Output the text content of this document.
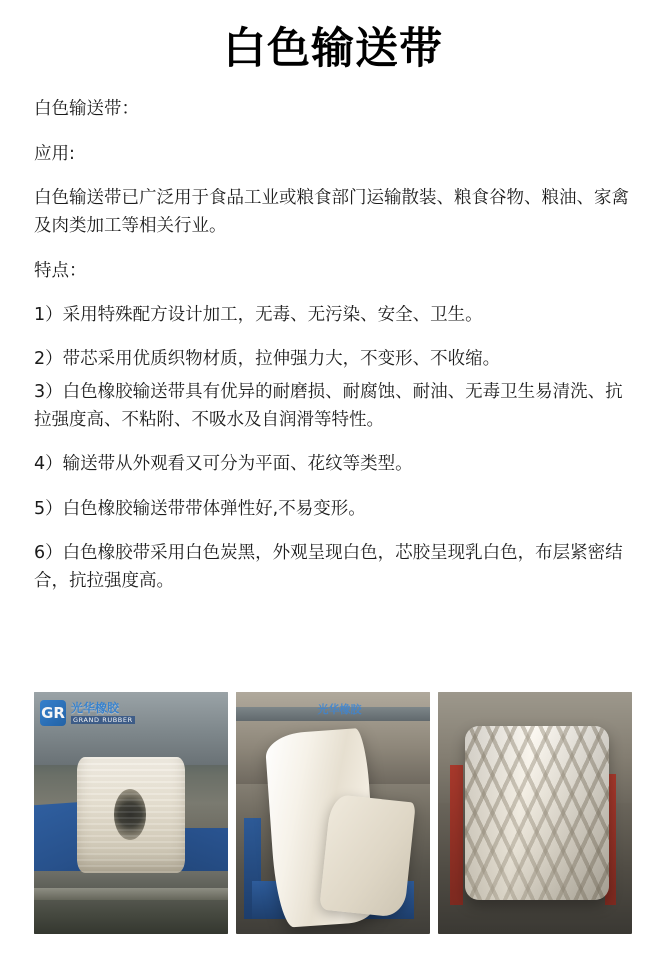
白色输送带

白色输送带：

应用:

白色输送带已广泛用于食品工业或粮食部门运输散装、粮食谷物、粮油、家禽及肉类加工等相关行业。

特点：

1）采用特殊配方设计加工，无毒、无污染、安全、卫生。

2）带芯采用优质织物材质，拉伸强力大，不变形、不收缩。

3）白色橡胶输送带具有优异的耐磨损、耐腐蚀、耐油、无毒卫生易清洗、抗拉强度高、不粘附、不吸水及自润滑等特性。

4）输送带从外观看又可分为平面、花纹等类型。

5）白色橡胶输送带带体弹性好,不易变形。

6）白色橡胶带采用白色炭黑，外观呈现白色，芯胶呈现乳白色，布层紧密结合，抗拉强度高。

GR 光华橡胶
GRAND RUBBER
光华橡胶
